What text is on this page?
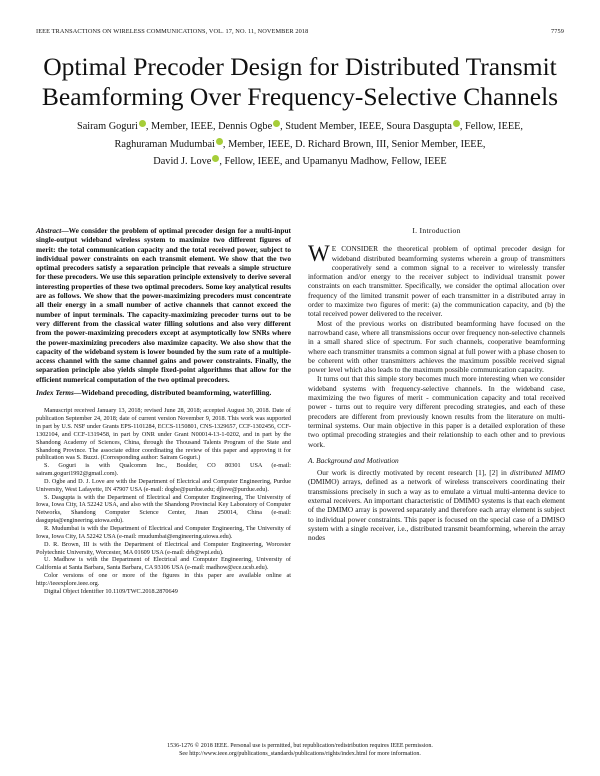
IEEE TRANSACTIONS ON WIRELESS COMMUNICATIONS, VOL. 17, NO. 11, NOVEMBER 2018	7759
Optimal Precoder Design for Distributed Transmit
Beamforming Over Frequency-Selective Channels
Sairam Goguri , Member, IEEE, Dennis Ogbe , Student Member, IEEE, Soura Dasgupta , Fellow, IEEE,
Raghuraman Mudumbai , Member, IEEE, D. Richard Brown, III, Senior Member, IEEE,
David J. Love , Fellow, IEEE, and Upamanyu Madhow, Fellow, IEEE
Abstract—We consider the problem of optimal precoder design for a multi-input single-output wideband wireless system to maximize two different figures of merit: the total communication capacity and the total received power, subject to individual power constraints on each transmit element. We show that the two optimal precoders satisfy a separation principle that reveals a simple structure for these precoders. We use this separation principle extensively to derive several interesting properties of these two optimal precoders. Some key analytical results are as follows. We show that the power-maximizing precoders must concentrate all their energy in a small number of active channels that cannot exceed the number of input terminals. The capacity-maximizing precoder turns out to be very different from the classical water filling solutions and also very different from the power-maximizing precoders except at asymptotically low SNRs where the power-maximizing precoders also maximize capacity. We also show that the capacity of the wideband system is lower bounded by the sum rate of a multiple-access channel with the same channel gains and power constraints. Finally, the separation principle also yields simple fixed-point algorithms that allow for the efficient numerical computation of the two optimal precoders.
Index Terms—Wideband precoding, distributed beamforming, waterfilling.

Manuscript received January 13, 2018; revised June 28, 2018; accepted August 30, 2018. Date of publication September 24, 2018; date of current version November 9, 2018. This work was supported in part by U.S. NSF under Grants EPS-1101284, ECCS-1150801, CNS-1329657, CCF-1302456, CCF-1302104, and CCF-1319458, in part by ONR under Grant N00014-13-1-0202, and in part by the Shandong Academy of Sciences, China, through the Thousand Talents Program of the State and Shandong Province. The associate editor coordinating the review of this paper and approving it for publication was S. Buzzi. (Corresponding author: Sairam Goguri.)

S. Goguri is with Qualcomm Inc., Boulder, CO 80301 USA (e-mail: sairam.goguri1992@gmail.com).

D. Ogbe and D. J. Love are with the Department of Electrical and Computer Engineering, Purdue University, West Lafayette, IN 47907 USA (e-mail: dogbe@purdue.edu; djlove@purdue.edu).

S. Dasgupta is with the Department of Electrical and Computer Engineering, The University of Iowa, Iowa City, IA 52242 USA, and also with the Shandong Provincial Key Laboratory of Computer Networks, Shandong Computer Science Center, Jinan 250014, China (e-mail: dasgupta@engineering.uiowa.edu).

R. Mudumbai is with the Department of Electrical and Computer Engineering, The University of Iowa, Iowa City, IA 52242 USA (e-mail: rmudumbai@engineering.uiowa.edu).

D. R. Brown, III is with the Department of Electrical and Computer Engineering, Worcester Polytechnic University, Worcester, MA 01609 USA (e-mail: drb@wpi.edu).

U. Madhow is with the Department of Electrical and Computer Engineering, University of California at Santa Barbara, Santa Barbara, CA 93106 USA (e-mail: madhow@ece.ucsb.edu).

Color versions of one or more of the figures in this paper are available online at http://ieeexplore.ieee.org.

Digital Object Identifier 10.1109/TWC.2018.2870649

I. Introduction

W E CONSIDER the theoretical problem of optimal precoder design for wideband distributed beamforming systems wherein a group of transmitters cooperatively send a common signal to a receiver to wirelessly transfer information and/or energy to the receiver subject to individual transmit power constraints on each transmitter. Specifically, we consider the optimal allocation over frequency of the limited transmit power of each transmitter in a distributed array in order to maximize two figures of merit: (a) the communication capacity, and (b) the total received power delivered to the receiver.

Most of the previous works on distributed beamforming have focused on the narrowband case, where all transmissions occur over frequency non-selective channels in a small shared slice of spectrum. For such channels, cooperative beamforming where each transmitter transmits a common signal at full power with a phase chosen to be coherent with other transmitters achieves the maximum possible received signal power level which also leads to the maximum possible communication capacity.

It turns out that this simple story becomes much more interesting when we consider wideband systems with frequency-selective channels. In the wideband case, maximizing the two figures of merit - communication capacity and total received power - turns out to require very different precoding strategies, and each of these precoders are different from previously known results from the literature on multi-terminal systems. Our main objective in this paper is a detailed exploration of these two optimal precoding strategies and their relationship to each other and to previous work.

A. Background and Motivation

Our work is directly motivated by recent research [1], [2] in distributed MIMO (DMIMO) arrays, defined as a network of wireless transceivers coordinating their transmissions precisely in such a way as to emulate a virtual multi-antenna device to external receivers. An important characteristic of DMIMO systems is that each element of the DMIMO array is powered separately and therefore each array element is subject to individual power constraints. This paper is focused on the special case of a DMISO system with a single receiver, i.e., distributed transmit beamforming, wherein the array nodes

1536-1276 © 2018 IEEE. Personal use is permitted, but republication/redistribution requires IEEE permission.
See http://www.ieee.org/publications_standards/publications/rights/index.html for more information.
